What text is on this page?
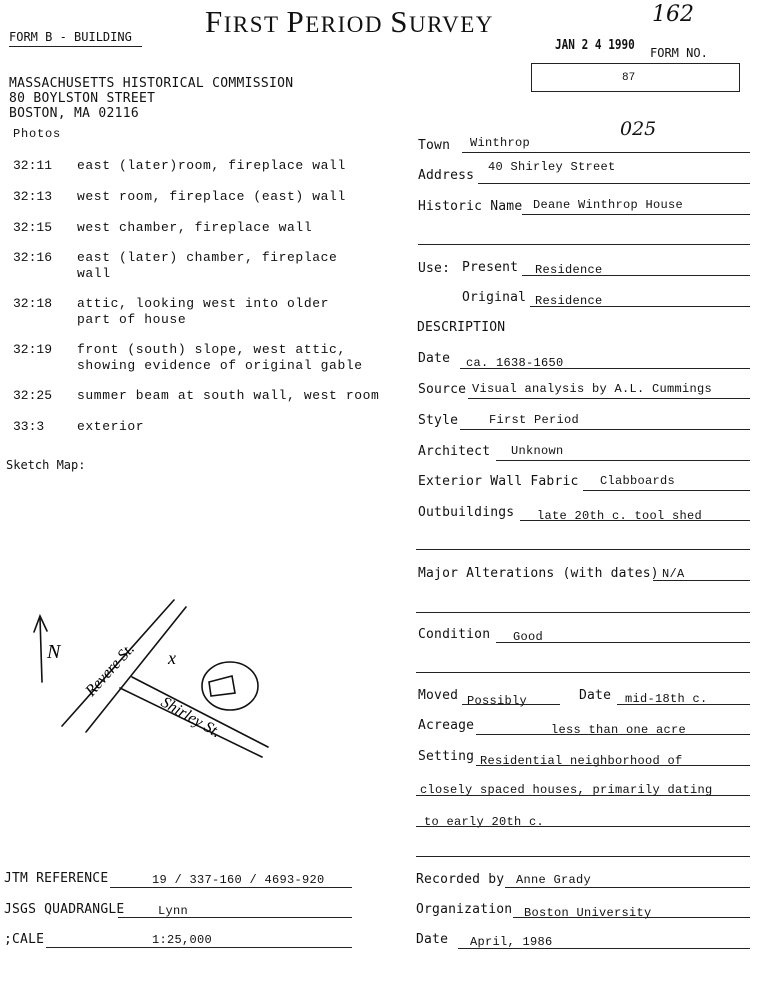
FORM B - BUILDING FIRST PERIOD SURVEY	162
JAN 2 4 1990 FORM NO.
87
MASSACHUSETTS HISTORICAL COMMISSION
80 BOYLSTON STREET
BOSTON, MA 02116
Photos
32:11 east (later)room, fireplace wall
32:13 west room, fireplace (east) wall
32:15 west chamber, fireplace wall
32:16 east (later) chamber, fireplace wall
32:18 attic, looking west into older part of house
32:19 front (south) slope, west attic, showing evidence of original gable
32:25 summer beam at south wall, west room
33:3	exterior
Sketch Map:
N	x
Revere St.
Shirley St.
Town Winthrop
025
Address
40 Shirley Street
Historic Name Deane Winthrop House
Use: Present Residence
Original Residence
DESCRIPTION
Date ca. 1638-1650
Source Visual analysis by A.L. Cummings
Style	First Period
Architect Unknown
Exterior Wall Fabric Clabboards
Outbuildings late 20th c. tool shed
Major Alterations (with dates) N/A
Condition Good
Moved Possibly	Date mid-18th c.
Acreage	less than one acre
Setting Residential neighborhood of
closely spaced houses, primarily dating
to early 20th c.
Recorded by Anne Grady
Organization Boston University
Date April, 1986
JTM REFERENCE	19 / 337-160 / 4693-920
JSGS QUADRANGLE	Lynn
;CALE	1:25,000
